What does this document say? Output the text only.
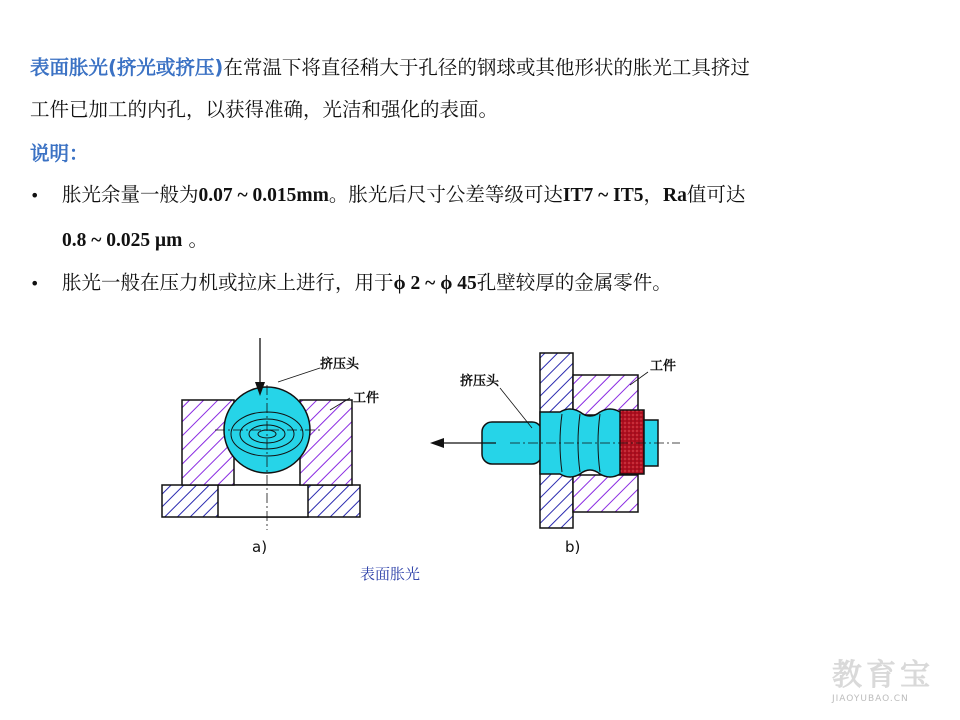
表面胀光(挤光或挤压)在常温下将直径稍大于孔径的钢球或其他形状的胀光工具挤过
工件已加工的内孔，以获得准确，光洁和强化的表面。
说明：
• 胀光余量一般为0.07 ~ 0.015mm。胀光后尺寸公差等级可达IT7 ~ IT5，Ra值可达
0.8 ~ 0.025 μm 。
• 胀光一般在压力机或拉床上进行，用于ϕ 2 ~ ϕ 45孔壁较厚的金属零件。
挤压头
工件
a)
挤压头
工件
b)
表面胀光
教育宝
JIAOYUBAO.CN
